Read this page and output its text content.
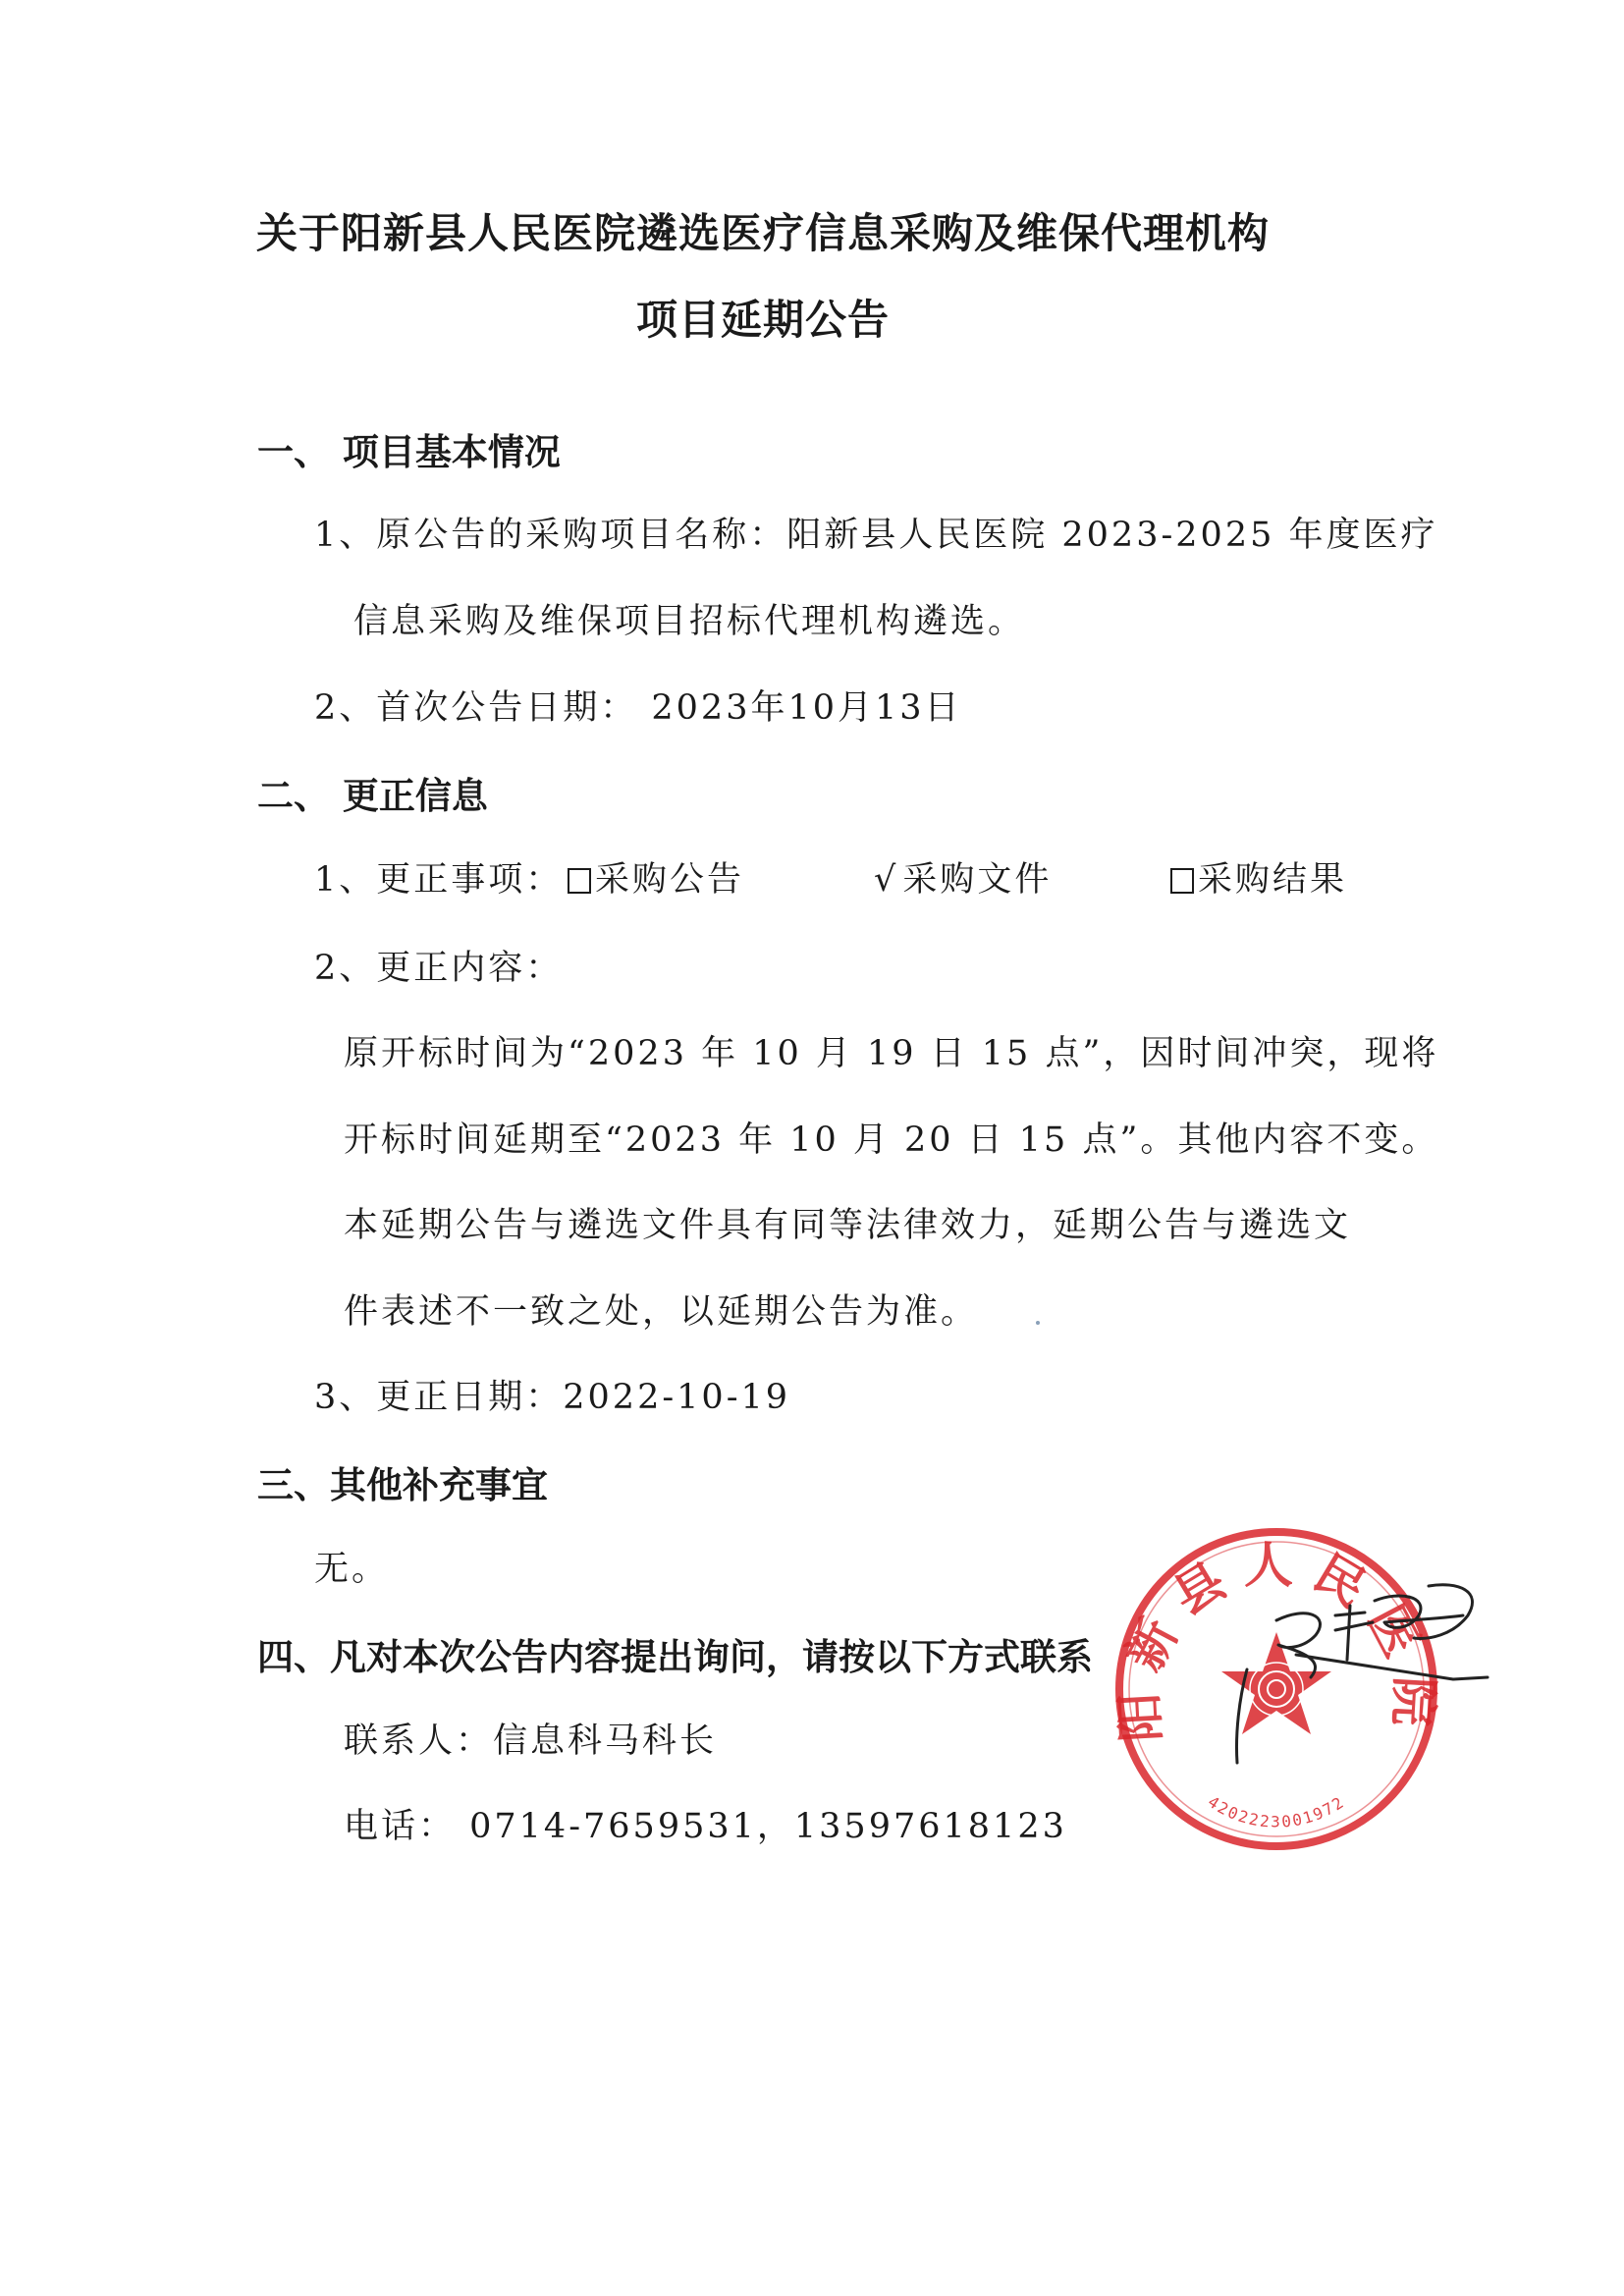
关于阳新县人民医院遴选医疗信息采购及维保代理机构
项目延期公告
一、 项目基本情况
1、原公告的采购项目名称：阳新县人民医院 2023-2025 年度医疗
信息采购及维保项目招标代理机构遴选。
2、首次公告日期： 2023年10月13日
二、 更正信息
1、更正事项： 采购公告	√ 采购文件	采购结果
2、更正内容：
原开标时间为“2023 年 10 月 19 日 15 点”，因时间冲突，现将
开标时间延期至“2023 年 10 月 20 日 15 点”。其他内容不变。
本延期公告与遴选文件具有同等法律效力，延期公告与遴选文
件表述不一致之处，以延期公告为准。
3、更正日期：2022-10-19
三、其他补充事宜
无。
四、凡对本次公告内容提出询问，请按以下方式联系
联系人：信息科马科长
电话： 0714-7659531，13597618123
阳新县人民医院
4202223001972
